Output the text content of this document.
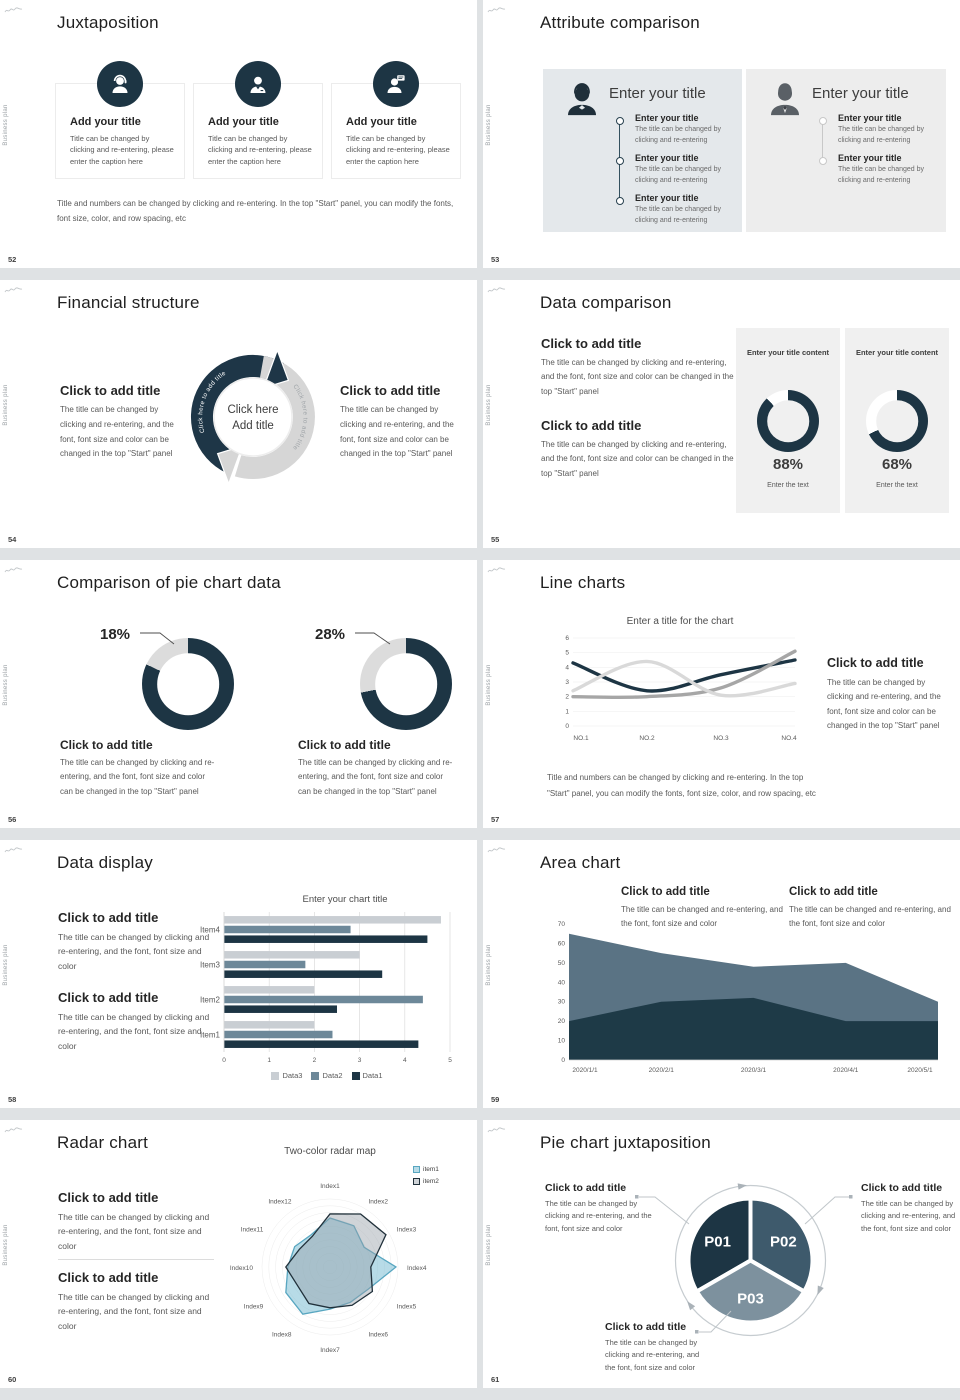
Business plan
Juxtaposition
Add your title
Title can be changed by clicking and re-entering, please enter the caption here
Add your title
Title can be changed by clicking and re-entering, please enter the caption here
Add your title
Title can be changed by clicking and re-entering, please enter the caption here
Title and numbers can be changed by clicking and re-entering. In the top "Start" panel, you can modify the fonts, font size, color, and row spacing, etc
52
Business plan
Attribute comparison
Enter your title
Enter your title
The title can be changed by clicking and re-entering
Enter your title
The title can be changed by clicking and re-entering
Enter your title
The title can be changed by clicking and re-entering
Enter your title
Enter your title
The title can be changed by clicking and re-entering
Enter your title
The title can be changed by clicking and re-entering
53
Business plan
Financial structure
Click to add title
The title can be changed by clicking and re-entering, and the font, font size and color can be changed in the top "Start" panel
Click to add title
The title can be changed by clicking and re-entering, and the font, font size and color can be changed in the top "Start" panel
Click here to add title
Click here to add title
Click here
Add title
54
Business plan
Data comparison
Click to add title
The title can be changed by clicking and re-entering, and the font, font size and color can be changed in the top "Start" panel
Click to add title
The title can be changed by clicking and re-entering, and the font, font size and color can be changed in the top "Start" panel
Enter your title content
88%
Enter the text
Enter your title content
68%
Enter the text
55
Business plan
Comparison of pie chart data
18%
Click to add title
The title can be changed by clicking and re-entering, and the font, font size and color can be changed in the top "Start" panel
28%
Click to add title
The title can be changed by clicking and re-entering, and the font, font size and color can be changed in the top "Start" panel
56
Business plan
Line charts
Enter a title for the chart
0
1
2
3
4
5
6
NO.1	NO.2	NO.3	NO.4
Click to add title
The title can be changed by clicking and re-entering, and the font, font size and color can be changed in the top "Start" panel
Title and numbers can be changed by clicking and re-entering. In the top "Start" panel, you can modify the fonts, font size, color, and row spacing, etc
57
Business plan
Data display
Click to add title
The title can be changed by clicking and re-entering, and the font, font size and color
Click to add title
The title can be changed by clicking and re-entering, and the font, font size and color
Enter your chart title
0	1	2	3	4	5
Item4
Item3
Item2
Item1
Data3	Data2	Data1
58
Business plan
Area chart
Click to add title
The title can be changed and re-entering, and the font, font size and color
Click to add title
The title can be changed and re-entering, and the font, font size and color
0
10
20
30
40
50
60
70
2020/1/1	2020/2/1	2020/3/1	2020/4/1	2020/5/1
59
Business plan
Radar chart
Click to add title
The title can be changed by clicking and re-entering, and the font, font size and color
Click to add title
The title can be changed by clicking and re-entering, and the font, font size and color
Two-color radar map
Index1
Index2
Index3
Index4
Index5
Index6
Index7
Index8
Index9
Index10
Index11
Index12
item1
item2
60
Business plan
Pie chart juxtaposition
Click to add title
The title can be changed by clicking and re-entering, and the font, font size and color
Click to add title
The title can be changed by clicking and re-entering, and the font, font size and color
Click to add title
The title can be changed by clicking and re-entering, and the font, font size and color
P01	P02
P03
61
